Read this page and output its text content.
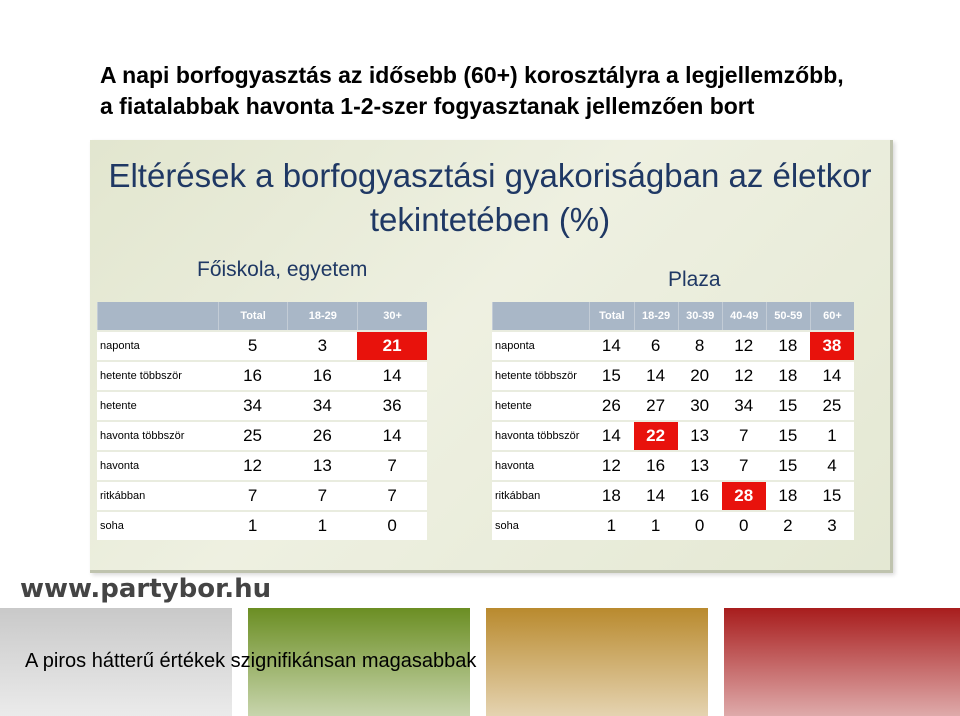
A napi borfogyasztás az idősebb (60+) korosztályra a legjellemzőbb, a fiatalabbak havonta 1-2-szer fogyasztanak jellemzően bort
Eltérések a borfogyasztási gyakoriságban az életkor tekintetében (%)
Főiskola, egyetem	Plaza
	Total	18-29	30+
naponta	5	3	21
hetente többször	16	16	14
hetente	34	34	36
havonta többször	25	26	14
havonta	12	13	7
ritkábban	7	7	7
soha	1	1	0
	Total	18-29	30-39	40-49	50-59	60+
naponta	14	6	8	12	18	38
hetente többször	15	14	20	12	18	14
hetente	26	27	30	34	15	25
havonta többször	14	22	13	7	15	1
havonta	12	16	13	7	15	4
ritkábban	18	14	16	28	18	15
soha	1	1	0	0	2	3
www.partybor.hu
A piros hátterű értékek szignifikánsan magasabbak
